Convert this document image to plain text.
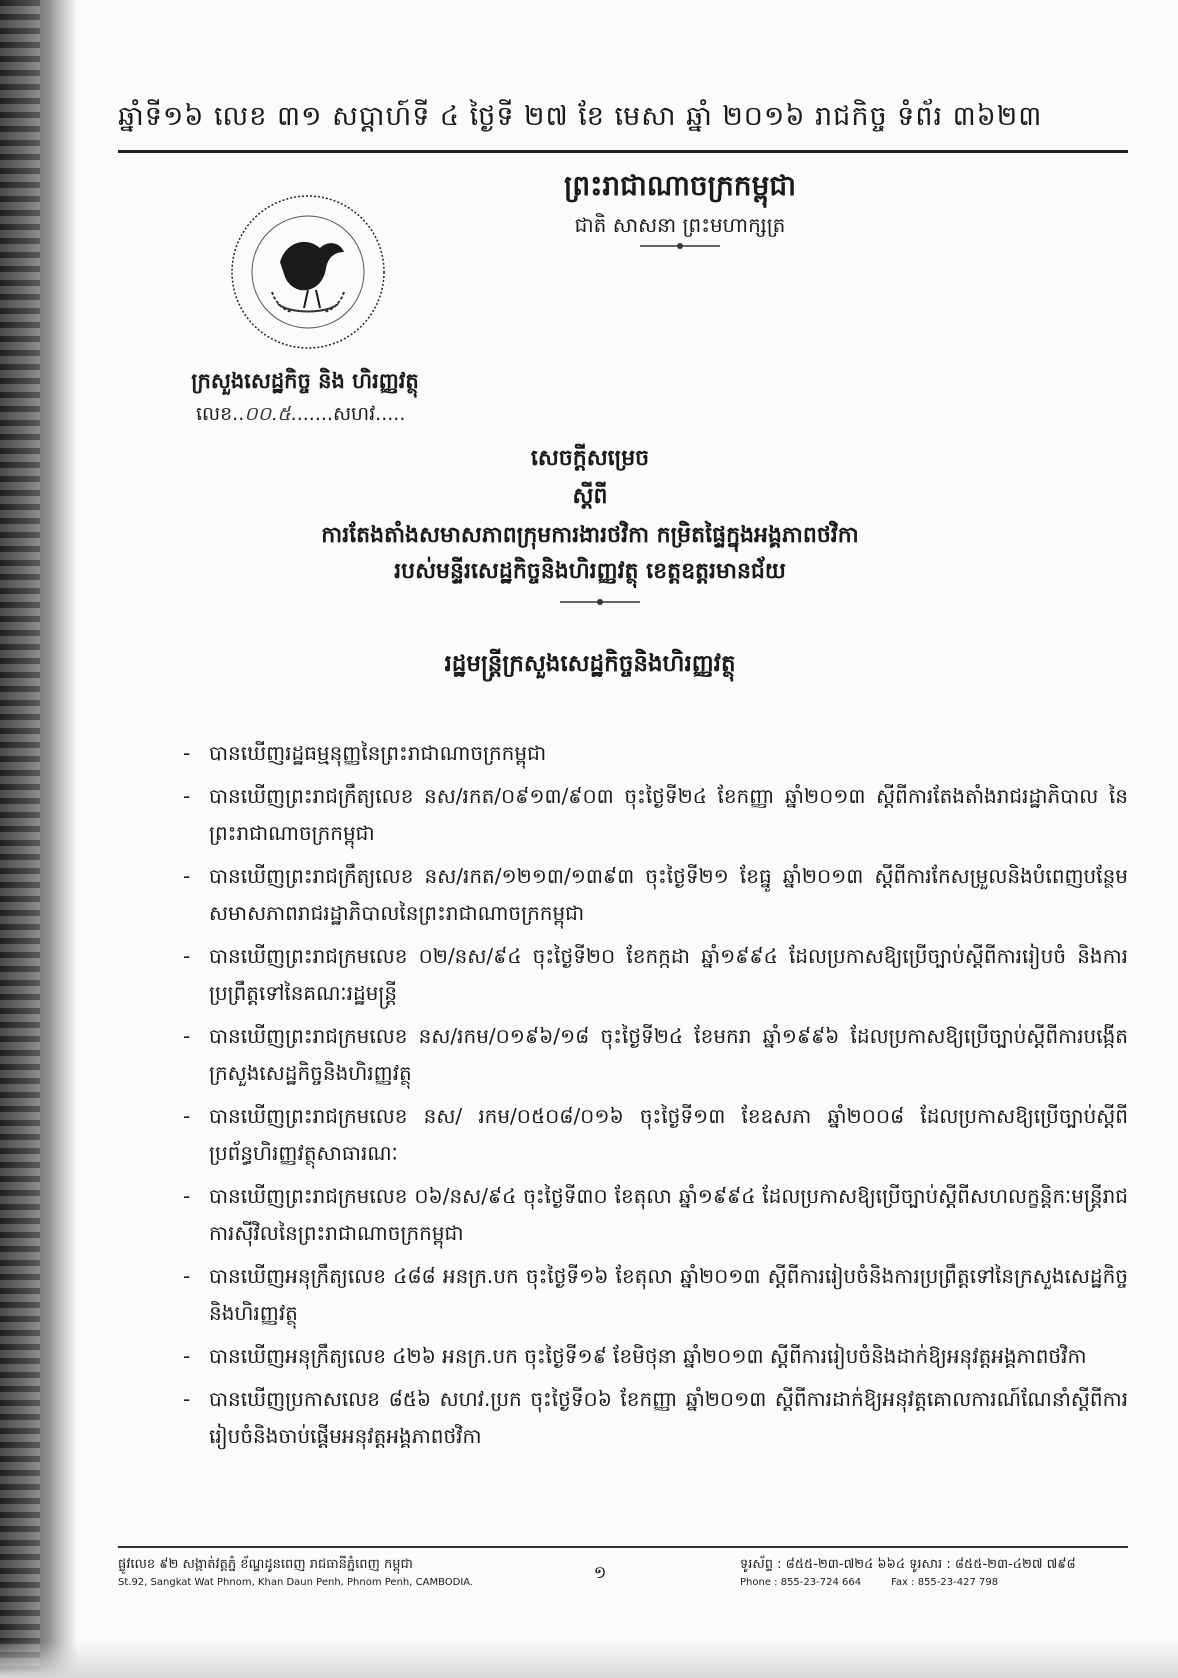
ឆ្នាំទី១៦ លេខ ៣១ សប្តាហ៍ទី ៤ ថ្ងៃទី ២៧ ខែ មេសា ឆ្នាំ ២០១៦ រាជកិច្ច ទំព័រ ៣៦២៣
ព្រះរាជាណាចក្រកម្ពុជា
ជាតិ សាសនា ព្រះមហាក្សត្រ
ក្រសួងសេដ្ឋកិច្ច និង ហិរញ្ញវត្ថុ
លេខ..០០.៥.......សហវ.....
សេចក្តីសម្រេច
ស្តីពី
ការតែងតាំងសមាសភាពក្រុមការងារថវិកា កម្រិតផ្ទៃក្នុងអង្គភាពថវិកា
របស់មន្ទីរសេដ្ឋកិច្ចនិងហិរញ្ញវត្ថុ ខេត្តឧត្តរមានជ័យ
រដ្ឋមន្ត្រីក្រសួងសេដ្ឋកិច្ចនិងហិរញ្ញវត្ថុ
- បានឃើញរដ្ឋធម្មនុញ្ញនៃព្រះរាជាណាចក្រកម្ពុជា
- បានឃើញព្រះរាជក្រឹត្យលេខ នស/រកត/០៩១៣/៩០៣ ចុះថ្ងៃទី២៤ ខែកញ្ញា ឆ្នាំ២០១៣ ស្តីពីការតែងតាំងរាជរដ្ឋាភិបាល នៃព្រះរាជាណាចក្រកម្ពុជា
- បានឃើញព្រះរាជក្រឹត្យលេខ នស/រកត/១២១៣/១៣៩៣ ចុះថ្ងៃទី២១ ខែធ្នូ ឆ្នាំ២០១៣ ស្តីពីការកែសម្រួលនិងបំពេញបន្ថែមសមាសភាពរាជរដ្ឋាភិបាលនៃព្រះរាជាណាចក្រកម្ពុជា
- បានឃើញព្រះរាជក្រមលេខ ០២/នស/៩៤ ចុះថ្ងៃទី២០ ខែកក្កដា ឆ្នាំ១៩៩៤ ដែលប្រកាសឱ្យប្រើច្បាប់ស្តីពីការរៀបចំ និងការប្រព្រឹត្តទៅនៃគណៈរដ្ឋមន្ត្រី
- បានឃើញព្រះរាជក្រមលេខ នស/រកម/០១៩៦/១៨ ចុះថ្ងៃទី២៤ ខែមករា ឆ្នាំ១៩៩៦ ដែលប្រកាសឱ្យប្រើច្បាប់ស្តីពីការបង្កើតក្រសួងសេដ្ឋកិច្ចនិងហិរញ្ញវត្ថុ
- បានឃើញព្រះរាជក្រមលេខ នស/ រកម/០៥០៨/០១៦ ចុះថ្ងៃទី១៣ ខែឧសភា ឆ្នាំ២០០៨ ដែលប្រកាសឱ្យប្រើច្បាប់ស្តីពីប្រព័ន្ធហិរញ្ញវត្ថុសាធារណៈ
- បានឃើញព្រះរាជក្រមលេខ ០៦/នស/៩៤ ចុះថ្ងៃទី៣០ ខែតុលា ឆ្នាំ១៩៩៤ ដែលប្រកាសឱ្យប្រើច្បាប់ស្តីពីសហលក្ខន្តិកៈមន្ត្រីរាជការស៊ីវិលនៃព្រះរាជាណាចក្រកម្ពុជា
- បានឃើញអនុក្រឹត្យលេខ ៤៨៨ អនក្រ.បក ចុះថ្ងៃទី១៦ ខែតុលា ឆ្នាំ២០១៣ ស្តីពីការរៀបចំនិងការប្រព្រឹត្តទៅនៃក្រសួងសេដ្ឋកិច្ចនិងហិរញ្ញវត្ថុ
- បានឃើញអនុក្រឹត្យលេខ ៤២៦ អនក្រ.បក ចុះថ្ងៃទី១៩ ខែមិថុនា ឆ្នាំ២០១៣ ស្តីពីការរៀបចំនិងដាក់ឱ្យអនុវត្តអង្គភាពថវិកា
- បានឃើញប្រកាសលេខ ៨៥៦ សហវ.ប្រក ចុះថ្ងៃទី០៦ ខែកញ្ញា ឆ្នាំ២០១៣ ស្តីពីការដាក់ឱ្យអនុវត្តគោលការណ៍ណែនាំស្តីពីការរៀបចំនិងចាប់ផ្តើមអនុវត្តអង្គភាពថវិកា
ផ្លូវលេខ ៩២ សង្កាត់វត្តភ្នំ ខ័ណ្ឌដូនពេញ រាជធានីភ្នំពេញ កម្ពុជា
St.92, Sangkat Wat Phnom, Khan Daun Penh, Phnom Penh, CAMBODIA.	១	ទូរស័ព្ទ : ៨៥៥-២៣-៧២៤ ៦៦៤ ទូរសារ : ៨៥៥-២៣-៤២៧ ៧៩៨
Phone : 855-23-724 664	Fax : 855-23-427 798
